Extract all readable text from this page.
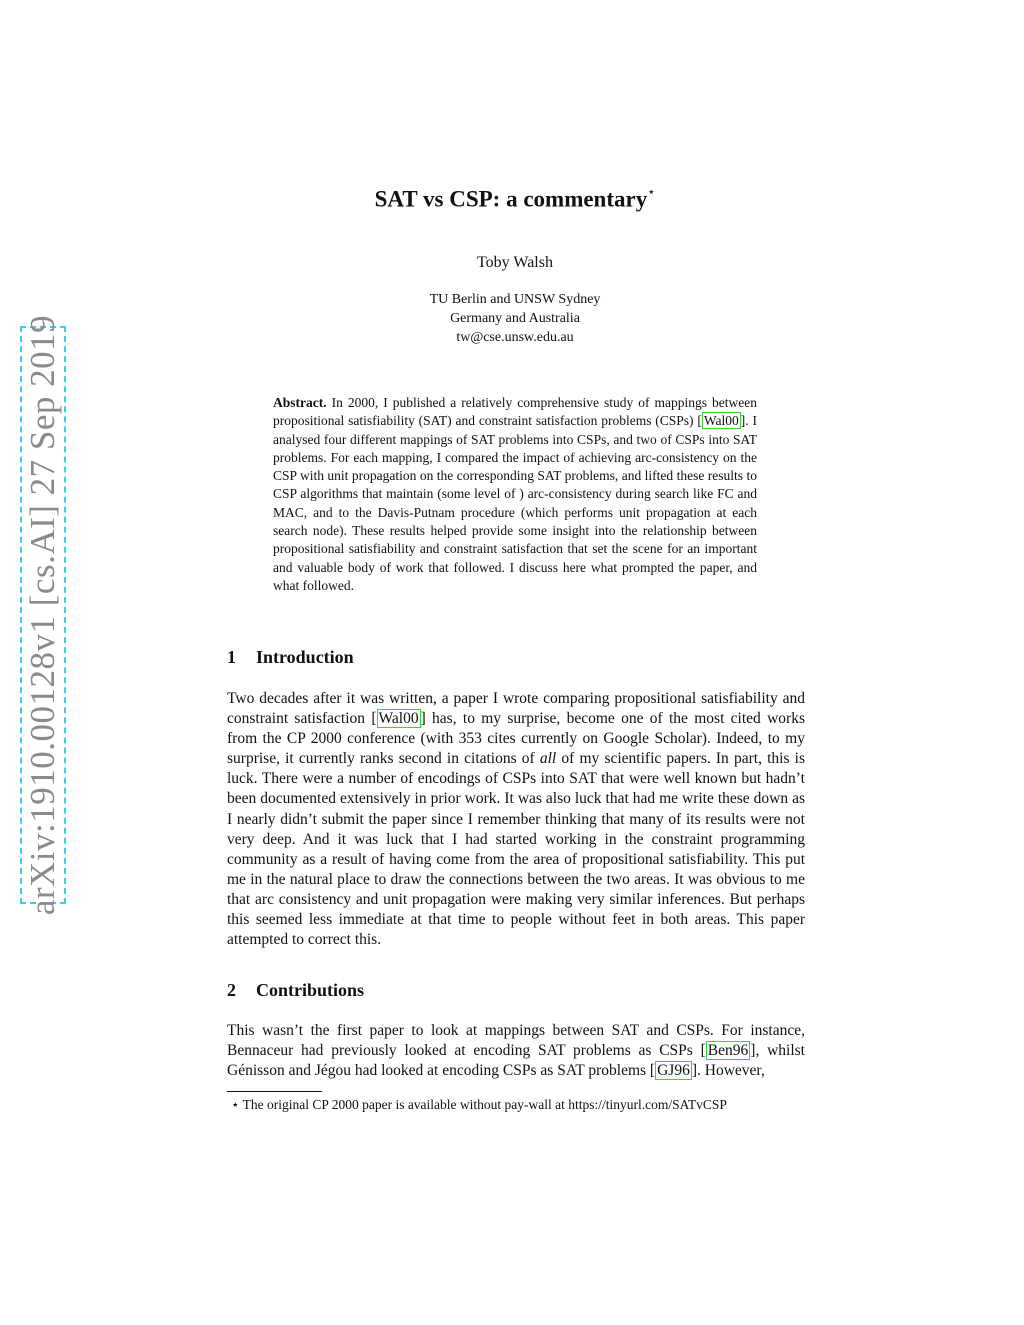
arXiv:1910.00128v1 [cs.AI] 27 Sep 2019
SAT vs CSP: a commentary⋆
Toby Walsh
TU Berlin and UNSW Sydney
Germany and Australia
tw@cse.unsw.edu.au
Abstract. In 2000, I published a relatively comprehensive study of mappings between propositional satisfiability (SAT) and constraint satisfaction problems (CSPs) [ Wal00 ]. I analysed four different mappings of SAT problems into CSPs, and two of CSPs into SAT problems. For each mapping, I compared the impact of achieving arc-consistency on the CSP with unit propagation on the corresponding SAT problems, and lifted these results to CSP algorithms that maintain (some level of ) arc-consistency during search like FC and MAC, and to the Davis-Putnam procedure (which performs unit propagation at each search node). These results helped provide some insight into the relationship between propositional satisfiability and constraint satisfaction that set the scene for an important and valuable body of work that followed. I discuss here what prompted the paper, and what followed.
1 Introduction
Two decades after it was written, a paper I wrote comparing propositional satisfiability and constraint satisfaction [ Wal00 ] has, to my surprise, become one of the most cited works from the CP 2000 conference (with 353 cites currently on Google Scholar). Indeed, to my surprise, it currently ranks second in citations of all of my scientific papers. In part, this is luck. There were a number of encodings of CSPs into SAT that were well known but hadn’t been documented extensively in prior work. It was also luck that had me write these down as I nearly didn’t submit the paper since I remember thinking that many of its results were not very deep. And it was luck that I had started working in the constraint programming community as a result of having come from the area of propositional satisfiability. This put me in the natural place to draw the connections between the two areas. It was obvious to me that arc consistency and unit propagation were making very similar inferences. But perhaps this seemed less immediate at that time to people without feet in both areas. This paper attempted to correct this.
2 Contributions
This wasn’t the first paper to look at mappings between SAT and CSPs. For instance, Bennaceur had previously looked at encoding SAT problems as CSPs [ Ben96 ], whilst Génisson and Jégou had looked at encoding CSPs as SAT problems [ GJ96 ]. However,
⋆ The original CP 2000 paper is available without pay-wall at https://tinyurl.com/SATvCSP
